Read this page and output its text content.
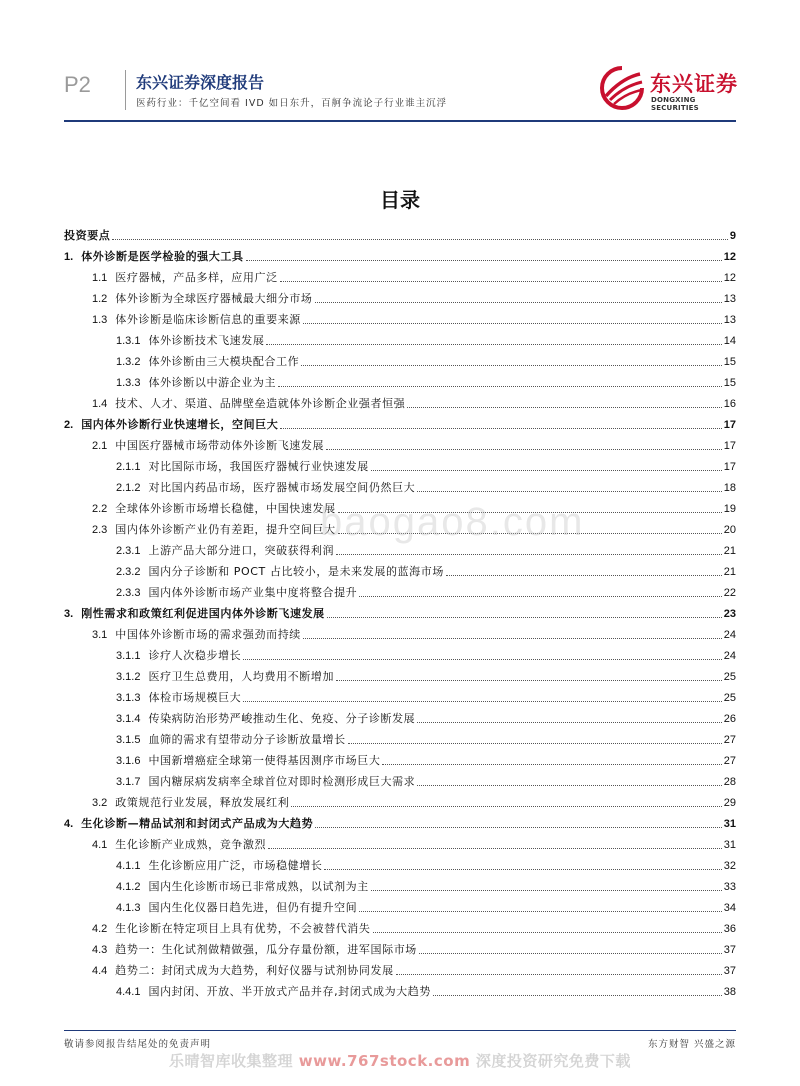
P2	东兴证券深度报告
医药行业：千亿空间看 IVD 如日东升，百舸争流论子行业谁主沉浮
东兴证券
DONGXING SECURITIES
目录
投资要点	9
1. 体外诊断是医学检验的强大工具	12
1.1 医疗器械，产品多样，应用广泛	12
1.2 体外诊断为全球医疗器械最大细分市场	13
1.3 体外诊断是临床诊断信息的重要来源	13
1.3.1 体外诊断技术飞速发展	14
1.3.2 体外诊断由三大模块配合工作	15
1.3.3 体外诊断以中游企业为主	15
1.4 技术、人才、渠道、品牌壁垒造就体外诊断企业强者恒强	16
2. 国内体外诊断行业快速增长，空间巨大	17
2.1 中国医疗器械市场带动体外诊断飞速发展	17
2.1.1 对比国际市场，我国医疗器械行业快速发展	17
2.1.2 对比国内药品市场，医疗器械市场发展空间仍然巨大	18
2.2 全球体外诊断市场增长稳健，中国快速发展	19
2.3 国内体外诊断产业仍有差距，提升空间巨大	20
2.3.1 上游产品大部分进口，突破获得利润	21
2.3.2 国内分子诊断和 POCT 占比较小，是未来发展的蓝海市场	21
2.3.3 国内体外诊断市场产业集中度将整合提升	22
3. 刚性需求和政策红利促进国内体外诊断飞速发展	23
3.1 中国体外诊断市场的需求强劲而持续	24
3.1.1 诊疗人次稳步增长	24
3.1.2 医疗卫生总费用，人均费用不断增加	25
3.1.3 体检市场规模巨大	25
3.1.4 传染病防治形势严峻推动生化、免疫、分子诊断发展	26
3.1.5 血筛的需求有望带动分子诊断放量增长	27
3.1.6 中国新增癌症全球第一使得基因测序市场巨大	27
3.1.7 国内糖尿病发病率全球首位对即时检测形成巨大需求	28
3.2 政策规范行业发展，释放发展红利	29
4. 生化诊断—精品试剂和封闭式产品成为大趋势	31
4.1 生化诊断产业成熟，竞争激烈	31
4.1.1 生化诊断应用广泛，市场稳健增长	32
4.1.2 国内生化诊断市场已非常成熟，以试剂为主	33
4.1.3 国内生化仪器日趋先进，但仍有提升空间	34
4.2 生化诊断在特定项目上具有优势，不会被替代消失	36
4.3 趋势一：生化试剂做精做强，瓜分存量份额，进军国际市场	37
4.4 趋势二：封闭式成为大趋势，利好仪器与试剂协同发展	37
4.4.1 国内封闭、开放、半开放式产品并存,封闭式成为大趋势	38
baogao8.com
敬请参阅报告结尾处的免责声明	东方财智 兴盛之源
乐晴智库收集整理 www.767stock.com 深度投资研究免费下载
